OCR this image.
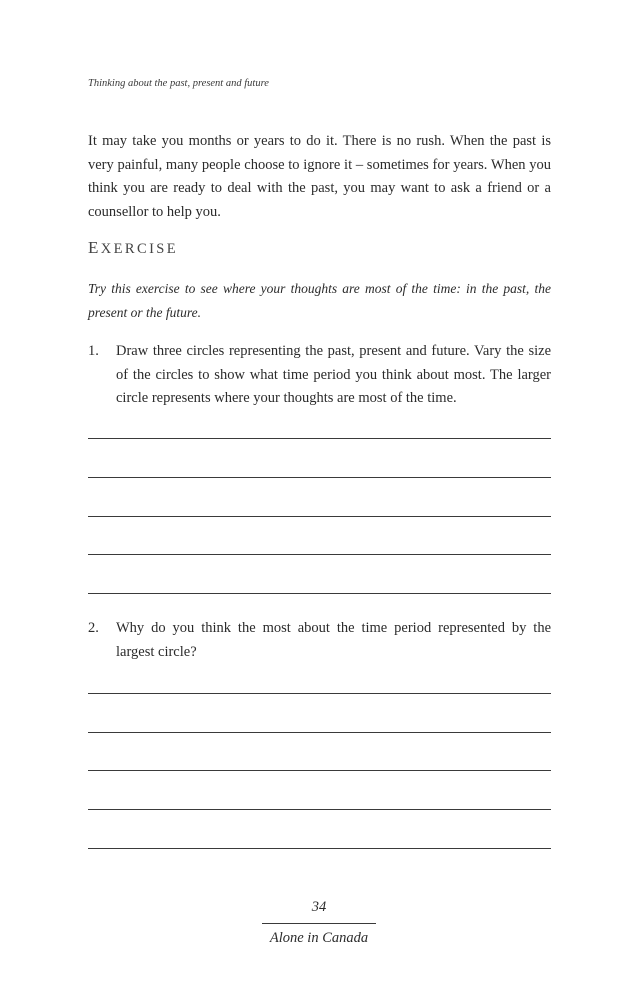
Thinking about the past, present and future

It may take you months or years to do it. There is no rush. When the past is very painful, many people choose to ignore it – sometimes for years. When you think you are ready to deal with the past, you may want to ask a friend or a counsellor to help you.

EXERCISE

Try this exercise to see where your thoughts are most of the time: in the past, the present or the future.

1. Draw three circles representing the past, present and future. Vary the size of the circles to show what time period you think about most. The larger circle represents where your thoughts are most of the time.

2. Why do you think the most about the time period represented by the largest circle?

34
Alone in Canada
